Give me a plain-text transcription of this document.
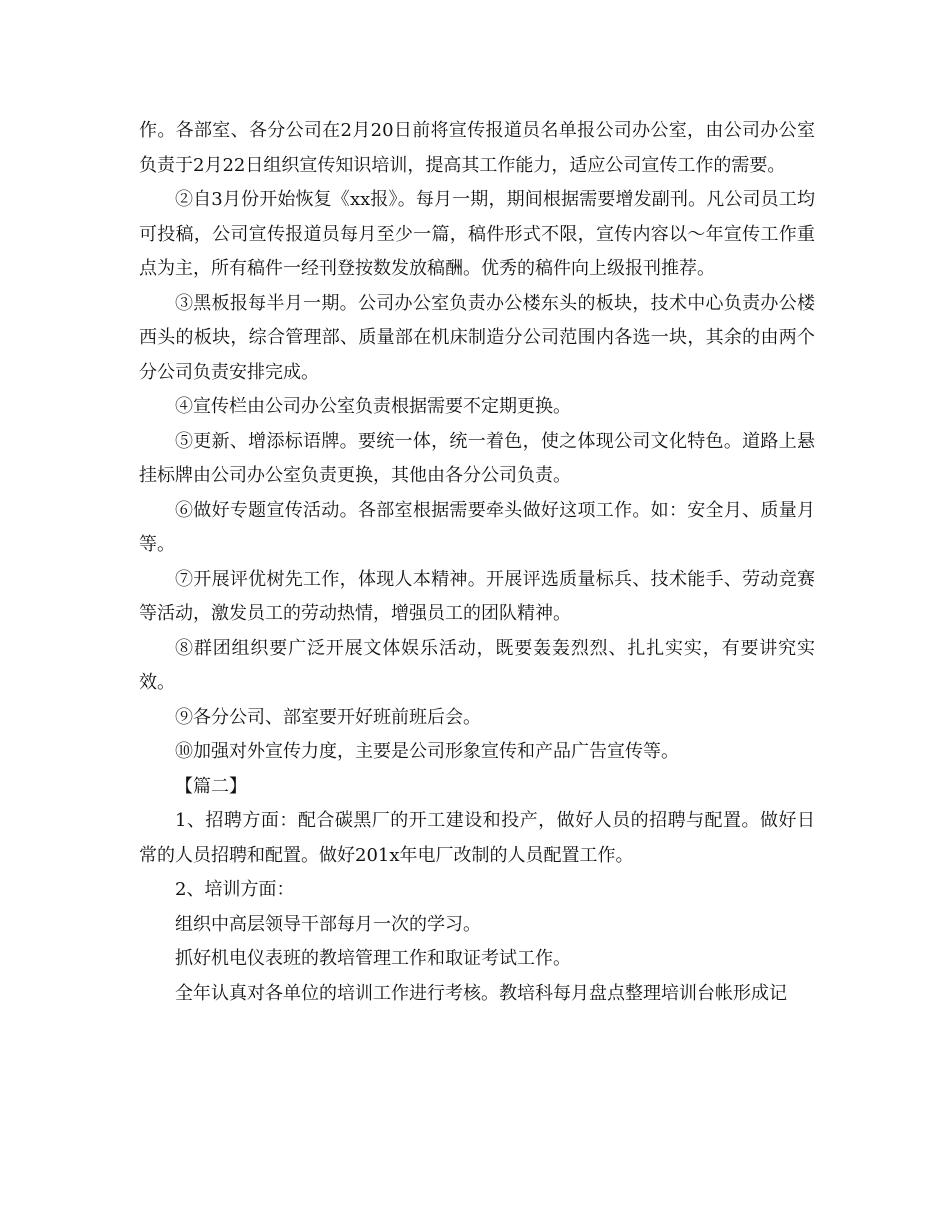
作。各部室、各分公司在2月20日前将宣传报道员名单报公司办公室，由公司办公室负责于2月22日组织宣传知识培训，提高其工作能力，适应公司宣传工作的需要。

②自3月份开始恢复《xx报》。每月一期，期间根据需要增发副刊。凡公司员工均可投稿，公司宣传报道员每月至少一篇，稿件形式不限，宣传内容以～年宣传工作重点为主，所有稿件一经刊登按数发放稿酬。优秀的稿件向上级报刊推荐。

③黑板报每半月一期。公司办公室负责办公楼东头的板块，技术中心负责办公楼西头的板块，综合管理部、质量部在机床制造分公司范围内各选一块，其余的由两个分公司负责安排完成。

④宣传栏由公司办公室负责根据需要不定期更换。

⑤更新、增添标语牌。要统一体，统一着色，使之体现公司文化特色。道路上悬挂标牌由公司办公室负责更换，其他由各分公司负责。

⑥做好专题宣传活动。各部室根据需要牵头做好这项工作。如：安全月、质量月等。

⑦开展评优树先工作，体现人本精神。开展评选质量标兵、技术能手、劳动竞赛等活动，激发员工的劳动热情，增强员工的团队精神。

⑧群团组织要广泛开展文体娱乐活动，既要轰轰烈烈、扎扎实实，有要讲究实效。

⑨各分公司、部室要开好班前班后会。

⑩加强对外宣传力度，主要是公司形象宣传和产品广告宣传等。

【篇二】

1、招聘方面：配合碳黑厂的开工建设和投产，做好人员的招聘与配置。做好日常的人员招聘和配置。做好201x年电厂改制的人员配置工作。

2、培训方面：

组织中高层领导干部每月一次的学习。

抓好机电仪表班的教培管理工作和取证考试工作。

全年认真对各单位的培训工作进行考核。教培科每月盘点整理培训台帐形成记
